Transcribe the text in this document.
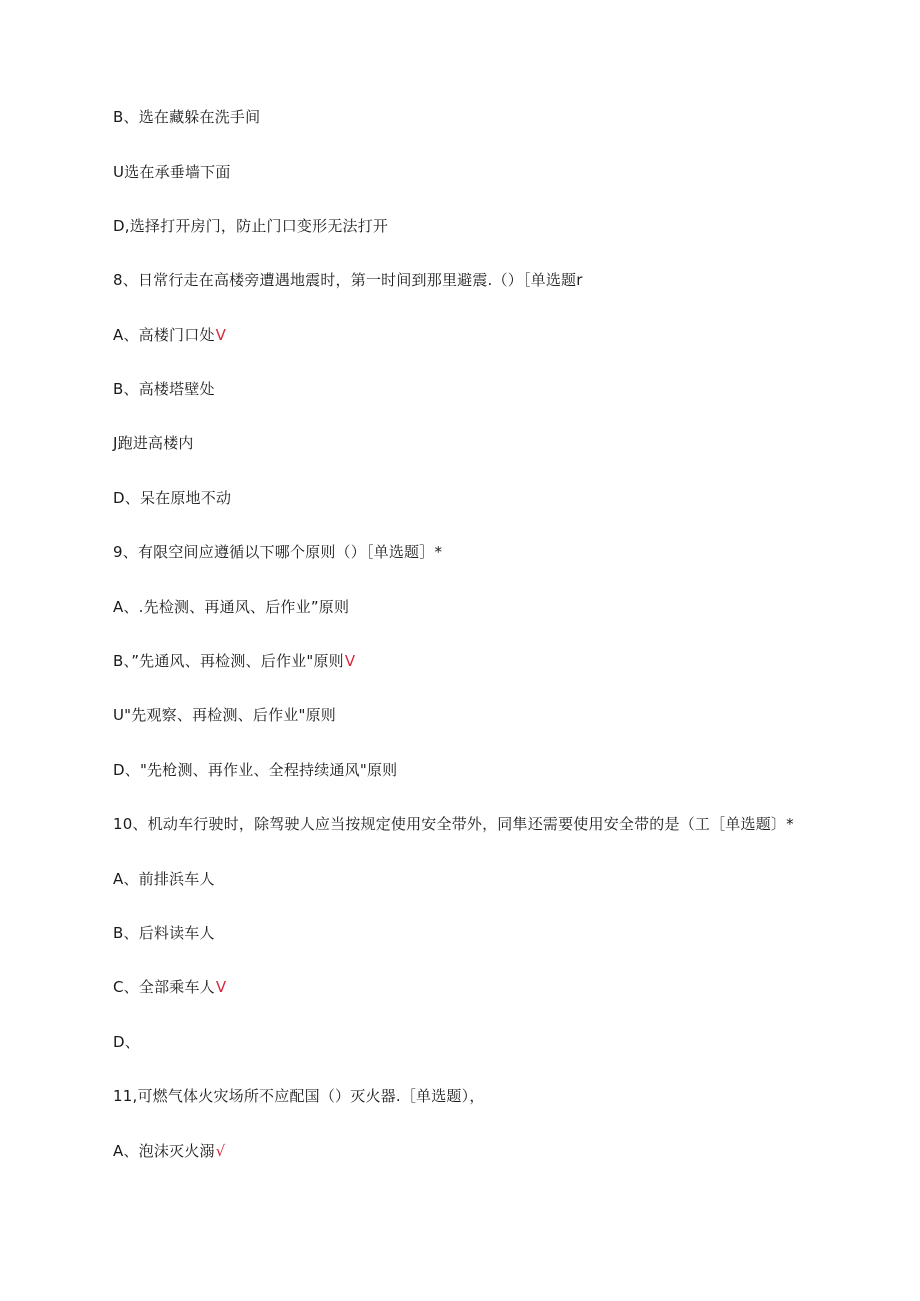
B、选在藏躲在洗手间
U选在承垂墙下面
D,选择打开房门，防止门口变形无法打开
8、日常行走在高楼旁遭遇地震时，第一时间到那里避震.（）［单选题r
A、高楼门口处V
B、高楼塔壁处
J跑进高楼内
D、呆在原地不动
9、有限空间应遵循以下哪个原则（）［单选题］*
A、.先检测、再通风、后作业”原则
B、”先通风、再检测、后作业"原则V
U"先观察、再检测、后作业"原则
D、"先枪测、再作业、全程持续通风"原则
10、机动车行驶时，除驾驶人应当按规定使用安全带外，同隼还需要使用安全带的是（工［单选题〕*
A、前排浜车人
B、后料读车人
C、全部乘车人V
D、
11,可燃气体火灾场所不应配国（）灭火器.［单选题），
A、泡沫灭火溺√
